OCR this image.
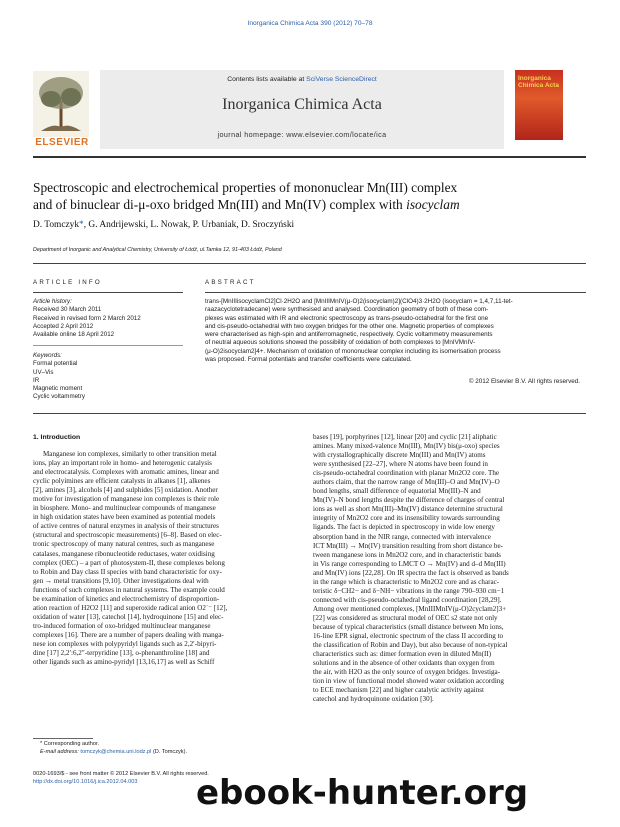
Inorganica Chimica Acta 390 (2012) 70–78
ELSEVIER
Contents lists available at SciVerse ScienceDirect
Inorganica Chimica Acta
journal homepage: www.elsevier.com/locate/ica
Inorganica Chimica Acta
Spectroscopic and electrochemical properties of mononuclear Mn(III) complex
and of binuclear di-μ-oxo bridged Mn(III) and Mn(IV) complex with isocyclam
D. Tomczyk*, G. Andrijewski, L. Nowak, P. Urbaniak, D. Sroczyński
Department of Inorganic and Analytical Chemistry, University of Łódź, ul.Tamka 12, 91-403 Łódź, Poland
ARTICLE INFO	ABSTRACT
Article history:
Received 30 March 2011
Received in revised form 2 March 2012
Accepted 2 April 2012
Available online 18 April 2012
Keywords:
Formal potential
UV–Vis
IR
Magnetic moment
Cyclic voltammetry
trans-[MnIIIisocyclamCl2]Cl·2H2O and [MnIIIMnIV(μ-O)2(isocyclam)2](ClO4)3·2H2O (isocyclam = 1,4,7,11-tet-
raazacyclotetradecane) were synthesised and analysed. Coordination geometry of both of these com-
plexes was estimated with IR and electronic spectroscopy as trans-pseudo-octahedral for the first one
and cis-pseudo-octahedral with two oxygen bridges for the other one. Magnetic properties of complexes
were characterised as high-spin and antiferromagnetic, respectively. Cyclic voltammetry measurements
of neutral aqueous solutions showed the possibility of oxidation of both complexes to [MnIVMnIV-
(μ-O)2isocyclam2]4+. Mechanism of oxidation of mononuclear complex including its isomerisation process
was proposed. Formal potentials and transfer coefficients were calculated.
© 2012 Elsevier B.V. All rights reserved.
1. Introduction
Manganese ion complexes, similarly to other transition metal
ions, play an important role in homo- and heterogenic catalysis
and electrocatalysis. Complexes with aromatic amines, linear and
cyclic polyimines are efficient catalysts in alkanes [1], alkenes
[2], amines [3], alcohols [4] and sulphides [5] oxidation. Another
motive for investigation of manganese ion complexes is their role
in biosphere. Mono- and multinuclear compounds of manganese
in high oxidation states have been examined as potential models
of active centres of natural enzymes in analysis of their structures
(structural and spectroscopic measurements) [6–8]. Based on elec-
tronic spectroscopy of many natural centres, such as manganese
catalases, manganese ribonucleotide reductases, water oxidising
complex (OEC) – a part of photosystem-II, these complexes belong
to Robin and Day class II species with band characteristic for oxy-
gen → metal transitions [9,10]. Other investigations deal with
functions of such complexes in natural systems. The example could
be examination of kinetics and electrochemistry of disproportion-
ation reaction of H2O2 [11] and superoxide radical anion O2˙⁻ [12],
oxidation of water [13], catechol [14], hydroquinone [15] and elec-
tro-induced formation of oxo-bridged multinuclear manganese
complexes [16]. There are a number of papers dealing with manga-
nese ion complexes with polypyridyl ligands such as 2,2′-bipyri-
dine [17] 2,2′:6,2″-terpyridine [13], o-phenanthroline [18] and
other ligands such as amino-pyridyl [13,16,17] as well as Schiff
bases [19], porphyrines [12], linear [20] and cyclic [21] aliphatic
amines. Many mixed-valence Mn(III), Mn(IV) bis(μ-oxo) species
with crystallographically discrete Mn(III) and Mn(IV) atoms
were synthesised [22–27], where N atoms have been found in
cis-pseudo-octahedral coordination with planar Mn2O2 core. The
authors claim, that the narrow range of Mn(III)–O and Mn(IV)–O
bond lengths, small difference of equatorial Mn(III)–N and
Mn(IV)–N bond lengths despite the difference of charges of central
ions as well as short Mn(III)–Mn(IV) distance determine structural
integrity of Mn2O2 core and its insensibility towards surrounding
ligands. The fact is depicted in spectroscopy in wide low energy
absorption band in the NIR range, connected with intervalence
ICT Mn(III) → Mn(IV) transition resulting from short distance be-
tween manganese ions in Mn2O2 core, and in characteristic bands
in Vis range corresponding to LMCT O → Mn(IV) and d–d Mn(III)
and Mn(IV) ions [22,28]. On IR spectra the fact is observed as bands
in the range which is characteristic to Mn2O2 core and as charac-
teristic δ−CH2− and δ−NH− vibrations in the range 790–930 cm−1
connected with cis-pseudo-octahedral ligand coordination [28,29].
Among over mentioned complexes, [MnIIIMnIV(μ-O)2cyclam2]3+
[22] was considered as structural model of OEC s2 state not only
because of typical characteristics (small distance between Mn ions,
16-line EPR signal, electronic spectrum of the class II according to
the classification of Robin and Day), but also because of non-typical
characteristics such as: dimer formation even in diluted Mn(II)
solutions and in the absence of other oxidants than oxygen from
the air, with H2O as the only source of oxygen bridges. Investiga-
tion in view of functional model showed water oxidation according
to ECE mechanism [22] and higher catalytic activity against
catechol and hydroquinone oxidation [30].
* Corresponding author.
E-mail address: tomczyk@chemia.uni.lodz.pl (D. Tomczyk).
0020-1693/$ - see front matter © 2012 Elsevier B.V. All rights reserved.
http://dx.doi.org/10.1016/j.ica.2012.04.003	ebook-hunter.org
